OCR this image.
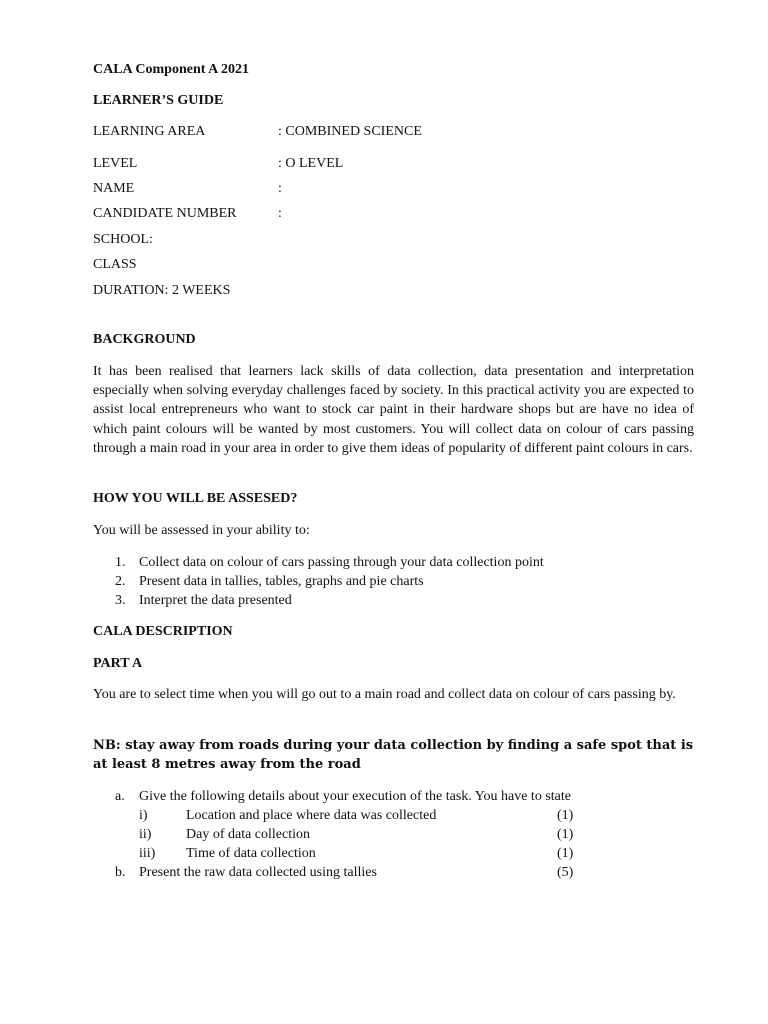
CALA Component A 2021
LEARNER’S GUIDE
LEARNING AREA	: COMBINED SCIENCE
LEVEL	: O LEVEL
NAME	:
CANDIDATE NUMBER	:
SCHOOL:
CLASS
DURATION: 2 WEEKS
BACKGROUND
It has been realised that learners lack skills of data collection, data presentation and interpretation especially when solving everyday challenges faced by society. In this practical activity you are expected to assist local entrepreneurs who want to stock car paint in their hardware shops but are have no idea of which paint colours will be wanted by most customers. You will collect data on colour of cars passing through a main road in your area in order to give them ideas of popularity of different paint colours in cars.
HOW YOU WILL BE ASSESED?
You will be assessed in your ability to:
1. Collect data on colour of cars passing through your data collection point
2. Present data in tallies, tables, graphs and pie charts
3. Interpret the data presented
CALA DESCRIPTION
PART A
You are to select time when you will go out to a main road and collect data on colour of cars passing by.
NB: stay away from roads during your data collection by finding a safe spot that is at least 8 metres away from the road
a. Give the following details about your execution of the task. You have to state
i)	Location and place where data was collected	(1)
ii) Day of data collection	(1)
iii) Time of data collection	(1)
b. Present the raw data collected using tallies	(5)
